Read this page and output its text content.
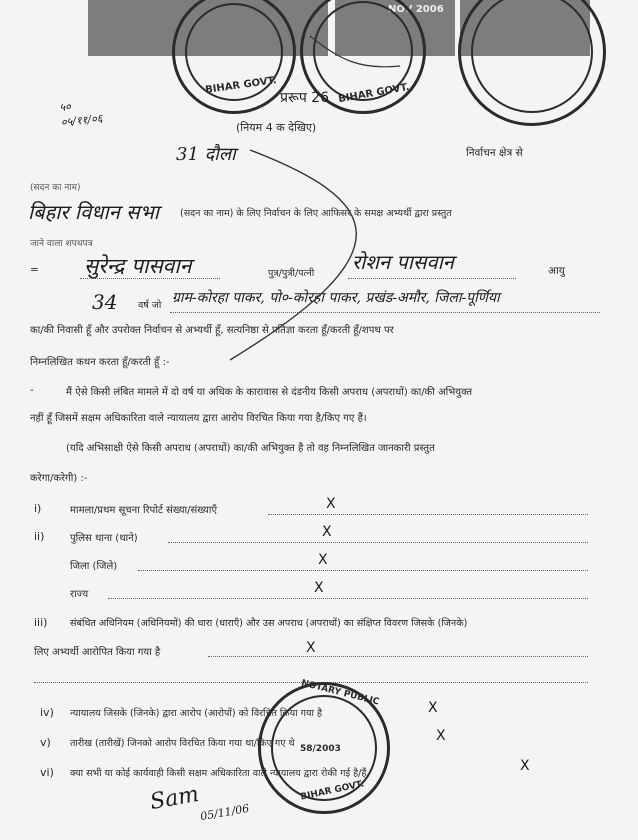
NOV 2006
BIHAR GOVT.	BIHAR GOVT.
५०
०५/११/०६
प्ररूप 26
(नियम 4 क देखिए)
31 दौला	निर्वाचन क्षेत्र से
(सदन का नाम)
बिहार विधान सभा (सदन का नाम) के लिए निर्वाचन के लिए आफिसर के समक्ष अभ्यर्थी द्वारा प्रस्तुत
जाने वाला शपथपत्र
= सुरेन्द्र पासवान	पुत्र/पुत्री/पत्नी रोशन पासवान	आयु
34 वर्ष जो ग्राम-कोरहा पाकर, पो०-कोरहा पाकर, प्रखंड-अमौर, जिला-पूर्णिया
का/की निवासी हूँ और उपरोक्त निर्वाचन से अभ्यर्थी हूँ, सत्यनिष्ठा से प्रतिज्ञा करता हूँ/करती हूँ/शपथ पर
निम्नलिखित कथन करता हूँ/करती हूँ :-
-	मैं ऐसे किसी लंबित मामले में दो वर्ष या अधिक के कारावास से दंडनीय किसी अपराध (अपराधों) का/की अभियुक्त
नहीं हूँ जिसमें सक्षम अधिकारिता वाले न्यायालय द्वारा आरोप विरचित किया गया है/किए गए हैं।
(यदि अभिसाक्षी ऐसे किसी अपराध (अपराधों) का/की अभियुक्त है तो वह निम्नलिखित जानकारी प्रस्तुत
करेगा/करेगी) :-
i)	मामला/प्रथम सूचना रिपोर्ट संख्या/संख्याएँ	X
ii)	पुलिस थाना (थाने)	X
जिला (जिले)	X
राज्य	X
iii) संबंधित अधिनियम (अधिनियमों) की धारा (धाराएँ) और उस अपराध (अपराधों) का संक्षिप्त विवरण जिसके (जिनके)
लिए अभ्यर्थी आरोपित किया गया है	X
iv) न्यायालय जिसके (जिनके) द्वारा आरोप (आरोपों) को विरचित किया गया है	X
v) तारीख (तारीखें) जिनको आरोप विरचित किया गया था/किए गए थे	X
vi) क्या सभी या कोई कार्यवाही किसी सक्षम अधिकारिता वाले न्यायालय द्वारा रोकी गई है/हैं	X
NOTARY PUBLIC
58/2003
BIHAR GOVT.
Sam
05/11/06
